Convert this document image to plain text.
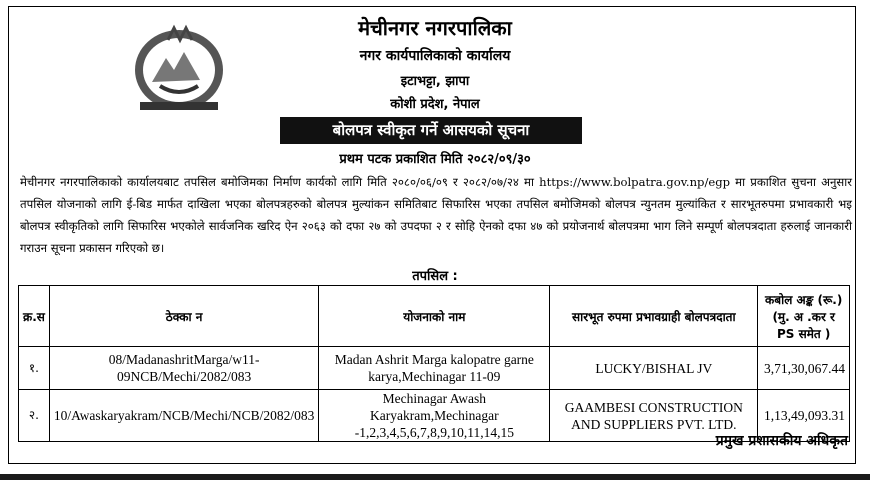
मेचीनगर नगरपालिका
नगर कार्यपालिकाको कार्यालय
इटाभट्टा, झापा
कोशी प्रदेश, नेपाल
बोलपत्र स्वीकृत गर्ने आसयको सूचना
प्रथम पटक प्रकाशित मिति २०८२/०९/३०
मेचीनगर नगरपालिकाको कार्यालयबाट तपसिल बमोजिमका निर्माण कार्यको लागि मिति २०८०/०६/०९ र २०८२/०७/२४ मा https://www.bolpatra.gov.np/egp मा प्रकाशित सुचना अनुसार तपसिल योजनाको लागि ई-बिड मार्फत दाखिला भएका बोलपत्रहरुको बोलपत्र मुल्यांकन समितिबाट सिफारिस भएका तपसिल बमोजिमको बोलपत्र न्युनतम मुल्यांकित र सारभूतरुपमा प्रभावकारी भइ बोलपत्र स्वीकृतिको लागि सिफारिस भएकोले सार्वजनिक खरिद ऐन २०६३ को दफा २७ को उपदफा २ र सोहि ऐनको दफा ४७ को प्रयोजनार्थ बोलपत्रमा भाग लिने सम्पूर्ण बोलपत्रदाता हरुलाई जानकारी गराउन सूचना प्रकासन गरिएको छ।
तपसिल :
क्र.स	ठेक्का न	योजनाको नाम	सारभूत रुपमा प्रभावग्राही बोलपत्रदाता	कबोल अङ्क (रू.) (मु. अ .कर र PS समेत )
१.	08/MadanashritMarga/w11-09NCB/Mechi/2082/083	Madan Ashrit Marga kalopatre garne karya,Mechinagar 11-09	LUCKY/BISHAL JV	3,71,30,067.44
२.	10/Awaskaryakram/NCB/Mechi/NCB/2082/083	Mechinagar Awash Karyakram,Mechinagar -1,2,3,4,5,6,7,8,9,10,11,14,15	GAAMBESI CONSTRUCTION AND SUPPLIERS PVT. LTD.	1,13,49,093.31
प्रमुख प्रशासकीय अधिकृत
